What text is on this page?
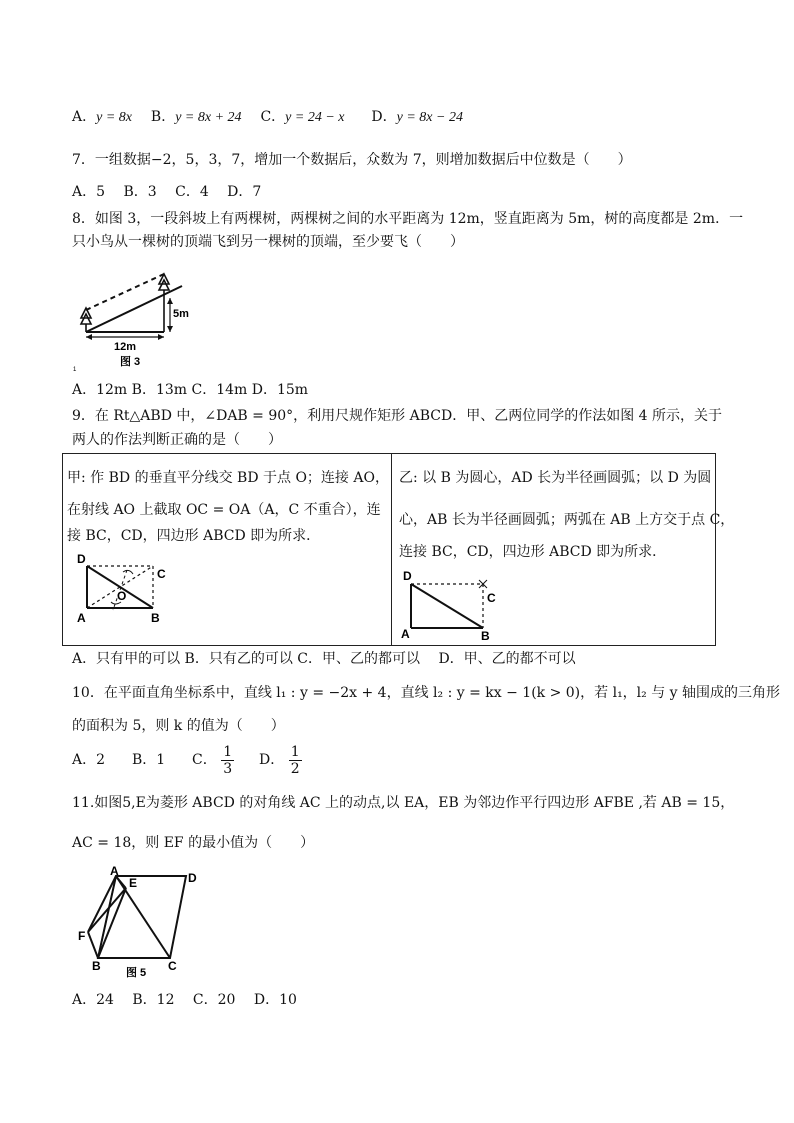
A．y = 8x B．y = 8x + 24 C．y = 24 − x D．y = 8x − 24
7．一组数据−2，5，3，7，增加一个数据后，众数为 7，则增加数据后中位数是（　　）
A．5　 B．3　 C．4　 D．7
8．如图 3，一段斜坡上有两棵树，两棵树之间的水平距离为 12m，竖直距离为 5m，树的高度都是 2m．一
只小鸟从一棵树的顶端飞到另一棵树的顶端，至少要飞（　　）
5m
12m
图 3
1
A．12m B．13m C．14m D．15m
9．在 Rt△ABD 中，∠DAB = 90°，利用尺规作矩形 ABCD．甲、乙两位同学的作法如图 4 所示，关于
两人的作法判断正确的是（　　）
甲: 作 BD 的垂直平分线交 BD 于点 O；连接 AO，
在射线 AO 上截取 OC = OA（A，C 不重合），连
接 BC，CD，四边形 ABCD 即为所求．
D
A	B
C
O
乙: 以 B 为圆心，AD 长为半径画圆弧；以 D 为圆
心，AB 长为半径画圆弧；两弧在 AB 上方交于点 C，
连接 BC，CD，四边形 ABCD 即为所求．
D
A	B
C
A．只有甲的可以 B．只有乙的可以 C．甲、乙的都可以　 D．甲、乙的都不可以
10．在平面直角坐标系中，直线 l₁ : y = −2x + 4，直线 l₂ : y = kx − 1(k > 0)，若 l₁，l₂ 与 y 轴围成的三角形
的面积为 5，则 k 的值为（　　）
A．2 B．1 C． $\frac{1}{3}$ D． $\frac{1}{2}$
11.如图5,E为菱形 ABCD 的对角线 AC 上的动点,以 EA，EB 为邻边作平行四边形 AFBE ,若 AB = 15，
AC = 18，则 EF 的最小值为（　　）
A
E	D
F
B	C
图 5
A．24　 B．12　 C．20　 D．10
